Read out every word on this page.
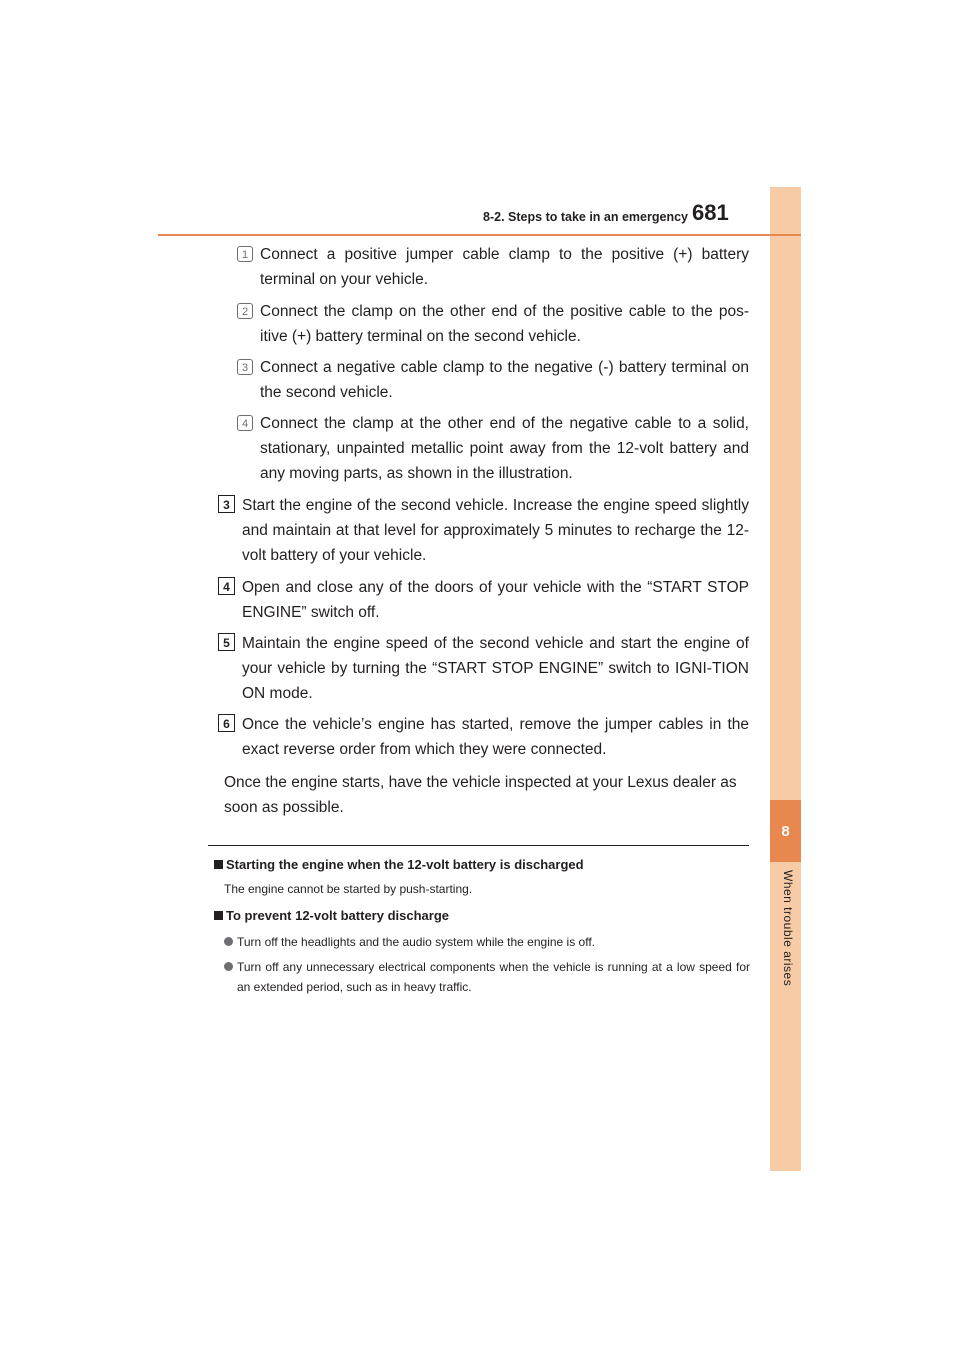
8
When trouble arises
8-2. Steps to take in an emergency 681
1 Connect a positive jumper cable clamp to the positive (+) battery terminal on your vehicle.
2 Connect the clamp on the other end of the positive cable to the pos-itive (+) battery terminal on the second vehicle.
3 Connect a negative cable clamp to the negative (-) battery terminal on the second vehicle.
4 Connect the clamp at the other end of the negative cable to a solid, stationary, unpainted metallic point away from the 12-volt battery and any moving parts, as shown in the illustration.
3 Start the engine of the second vehicle. Increase the engine speed slightly and maintain at that level for approximately 5 minutes to recharge the 12-volt battery of your vehicle.
4 Open and close any of the doors of your vehicle with the “START STOP ENGINE” switch off.
5 Maintain the engine speed of the second vehicle and start the engine of your vehicle by turning the “START STOP ENGINE” switch to IGNI-TION ON mode.
6 Once the vehicle’s engine has started, remove the jumper cables in the exact reverse order from which they were connected.
Once the engine starts, have the vehicle inspected at your Lexus dealer as soon as possible.
Starting the engine when the 12-volt battery is discharged
The engine cannot be started by push-starting.
To prevent 12-volt battery discharge
Turn off the headlights and the audio system while the engine is off.
Turn off any unnecessary electrical components when the vehicle is running at a low speed for an extended period, such as in heavy traffic.
